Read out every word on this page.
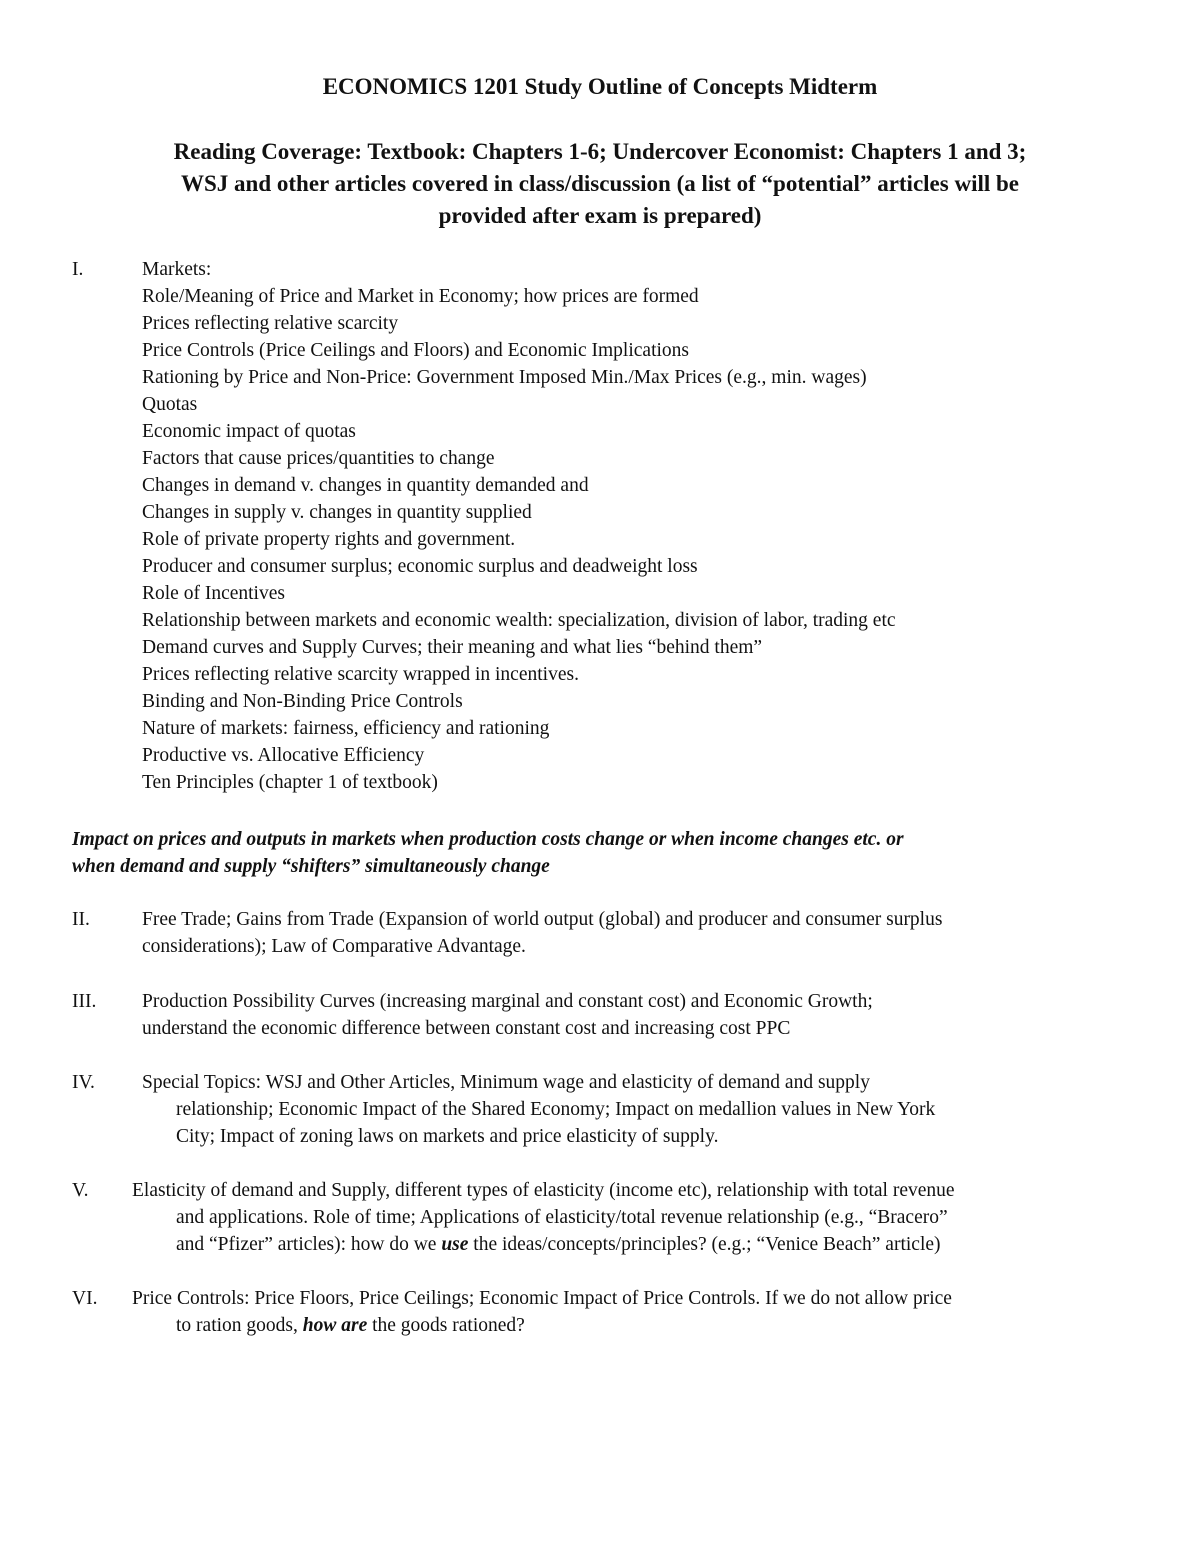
ECONOMICS 1201 Study Outline of Concepts Midterm
Reading Coverage: Textbook: Chapters 1-6; Undercover Economist: Chapters 1 and 3;
WSJ and other articles covered in class/discussion (a list of “potential” articles will be
provided after exam is prepared)
I.	Markets:
Role/Meaning of Price and Market in Economy; how prices are formed
Prices reflecting relative scarcity
Price Controls (Price Ceilings and Floors) and Economic Implications
Rationing by Price and Non-Price: Government Imposed Min./Max Prices (e.g., min. wages)
Quotas
Economic impact of quotas
Factors that cause prices/quantities to change
Changes in demand v. changes in quantity demanded and
Changes in supply v. changes in quantity supplied
Role of private property rights and government.
Producer and consumer surplus; economic surplus and deadweight loss
Role of Incentives
Relationship between markets and economic wealth: specialization, division of labor, trading etc
Demand curves and Supply Curves; their meaning and what lies “behind them”
Prices reflecting relative scarcity wrapped in incentives.
Binding and Non-Binding Price Controls
Nature of markets: fairness, efficiency and rationing
Productive vs. Allocative Efficiency
Ten Principles (chapter 1 of textbook)
Impact on prices and outputs in markets when production costs change or when income changes etc. or
when demand and supply “shifters” simultaneously change
II.	Free Trade; Gains from Trade (Expansion of world output (global) and producer and consumer surplus
considerations); Law of Comparative Advantage.
III. Production Possibility Curves (increasing marginal and constant cost) and Economic Growth;
understand the economic difference between constant cost and increasing cost PPC
IV. Special Topics: WSJ and Other Articles, Minimum wage and elasticity of demand and supply
relationship; Economic Impact of the Shared Economy; Impact on medallion values in New York
City; Impact of zoning laws on markets and price elasticity of supply.
V. Elasticity of demand and Supply, different types of elasticity (income etc), relationship with total revenue
and applications. Role of time; Applications of elasticity/total revenue relationship (e.g., “Bracero”
and “Pfizer” articles): how do we use the ideas/concepts/principles? (e.g.; “Venice Beach” article)
VI. Price Controls: Price Floors, Price Ceilings; Economic Impact of Price Controls. If we do not allow price
to ration goods, how are the goods rationed?
